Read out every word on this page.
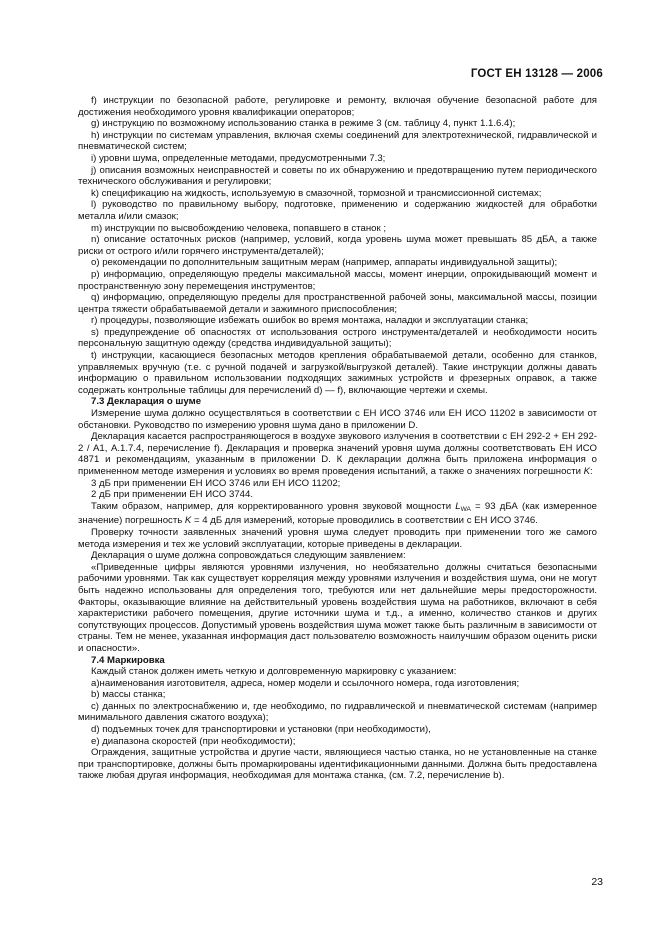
ГОСТ ЕН 13128 — 2006

f) инструкции по безопасной работе, регулировке и ремонту, включая обучение безопасной работе для достижения необходимого уровня квалификации операторов;

g) инструкцию по возможному использованию станка в режиме 3 (см. таблицу 4, пункт 1.1.6.4);

h) инструкции по системам управления, включая схемы соединений для электротехнической, гидравлической и пневматической систем;

i) уровни шума, определенные методами, предусмотренными 7.3;

j) описания возможных неисправностей и советы по их обнаружению и предотвращению путем периодического технического обслуживания и регулировки;

k) спецификацию на жидкость, используемую в смазочной, тормозной и трансмиссионной системах;

l) руководство по правильному выбору, подготовке, применению и содержанию жидкостей для обработки металла и/или смазок;

m) инструкции по высвобождению человека, попавшего в станок ;

n) описание остаточных рисков (например, условий, когда уровень шума может превышать 85 дБА, а также риски от острого и/или горячего инструмента/деталей);

o) рекомендации по дополнительным защитным мерам (например, аппараты индивидуальной защиты);

p) информацию, определяющую пределы максимальной массы, момент инерции, опрокидывающий момент и пространственную зону перемещения инструментов;

q) информацию, определяющую пределы для пространственной рабочей зоны, максимальной массы, позиции центра тяжести обрабатываемой детали и зажимного приспособления;

r) процедуры, позволяющие избежать ошибок во время монтажа, наладки и эксплуатации станка;

s) предупреждение об опасностях от использования острого инструмента/деталей и необходимости носить персональную защитную одежду (средства индивидуальной защиты);

t) инструкции, касающиеся безопасных методов крепления обрабатываемой детали, особенно для станков, управляемых вручную (т.е. с ручной подачей и загрузкой/выгрузкой деталей). Такие инструкции должны давать информацию о правильном использовании подходящих зажимных устройств и фрезерных оправок, а также содержать контрольные таблицы для перечислений d) — f), включающие чертежи и схемы.

7.3 Декларация о шуме

Измерение шума должно осуществляться в соответствии с ЕН ИСО 3746 или ЕН ИСО 11202 в зависимости от обстановки. Руководство по измерению уровня шума дано в приложении D.

Декларация касается распространяющегося в воздухе звукового излучения в соответствии с ЕН 292-2 + ЕН 292-2 / А1, А.1.7.4, перечисление f). Декларация и проверка значений уровня шума должны соответствовать ЕН ИСО 4871 и рекомендациям, указанным в приложении D. К декларации должна быть приложена информация о примененном методе измерения и условиях во время проведения испытаний, а также о значениях погрешности K:

3 дБ при применении ЕН ИСО 3746 или ЕН ИСО 11202;

2 дБ при применении ЕН ИСО 3744.

Таким образом, например, для корректированного уровня звуковой мощности $L_{WA} = 93$ дБА (как измеренное значение) погрешность K = 4 дБ для измерений, которые проводились в соответствии с ЕН ИСО 3746.

Проверку точности заявленных значений уровня шума следует проводить при применении того же самого метода измерения и тех же условий эксплуатации, которые приведены в декларации.

Декларация о шуме должна сопровождаться следующим заявлением:

«Приведенные цифры являются уровнями излучения, но необязательно должны считаться безопасными рабочими уровнями. Так как существует корреляция между уровнями излучения и воздействия шума, они не могут быть надежно использованы для определения того, требуются или нет дальнейшие меры предосторожности. Факторы, оказывающие влияние на действительный уровень воздействия шума на работников, включают в себя характеристики рабочего помещения, другие источники шума и т.д., а именно, количество станков и других сопутствующих процессов. Допустимый уровень воздействия шума может также быть различным в зависимости от страны. Тем не менее, указанная информация даст пользователю возможность наилучшим образом оценить риски и опасности».

7.4 Маркировка

Каждый станок должен иметь четкую и долговременную маркировку с указанием:

а)наименования изготовителя, адреса, номер модели и ссылочного номера, года изготовления;

b) массы станка;

c) данных по электроснабжению и, где необходимо, по гидравлической и пневматической системам (например минимального давления сжатого воздуха);

d) подъемных точек для транспортировки и установки (при необходимости),

e) диапазона скоростей (при необходимости);

Ограждения, защитные устройства и другие части, являющиеся частью станка, но не установленные на станке при транспортировке, должны быть промаркированы идентификационными данными. Должна быть предоставлена также любая другая информация, необходимая для монтажа станка, (см. 7.2, перечисление b).

23
